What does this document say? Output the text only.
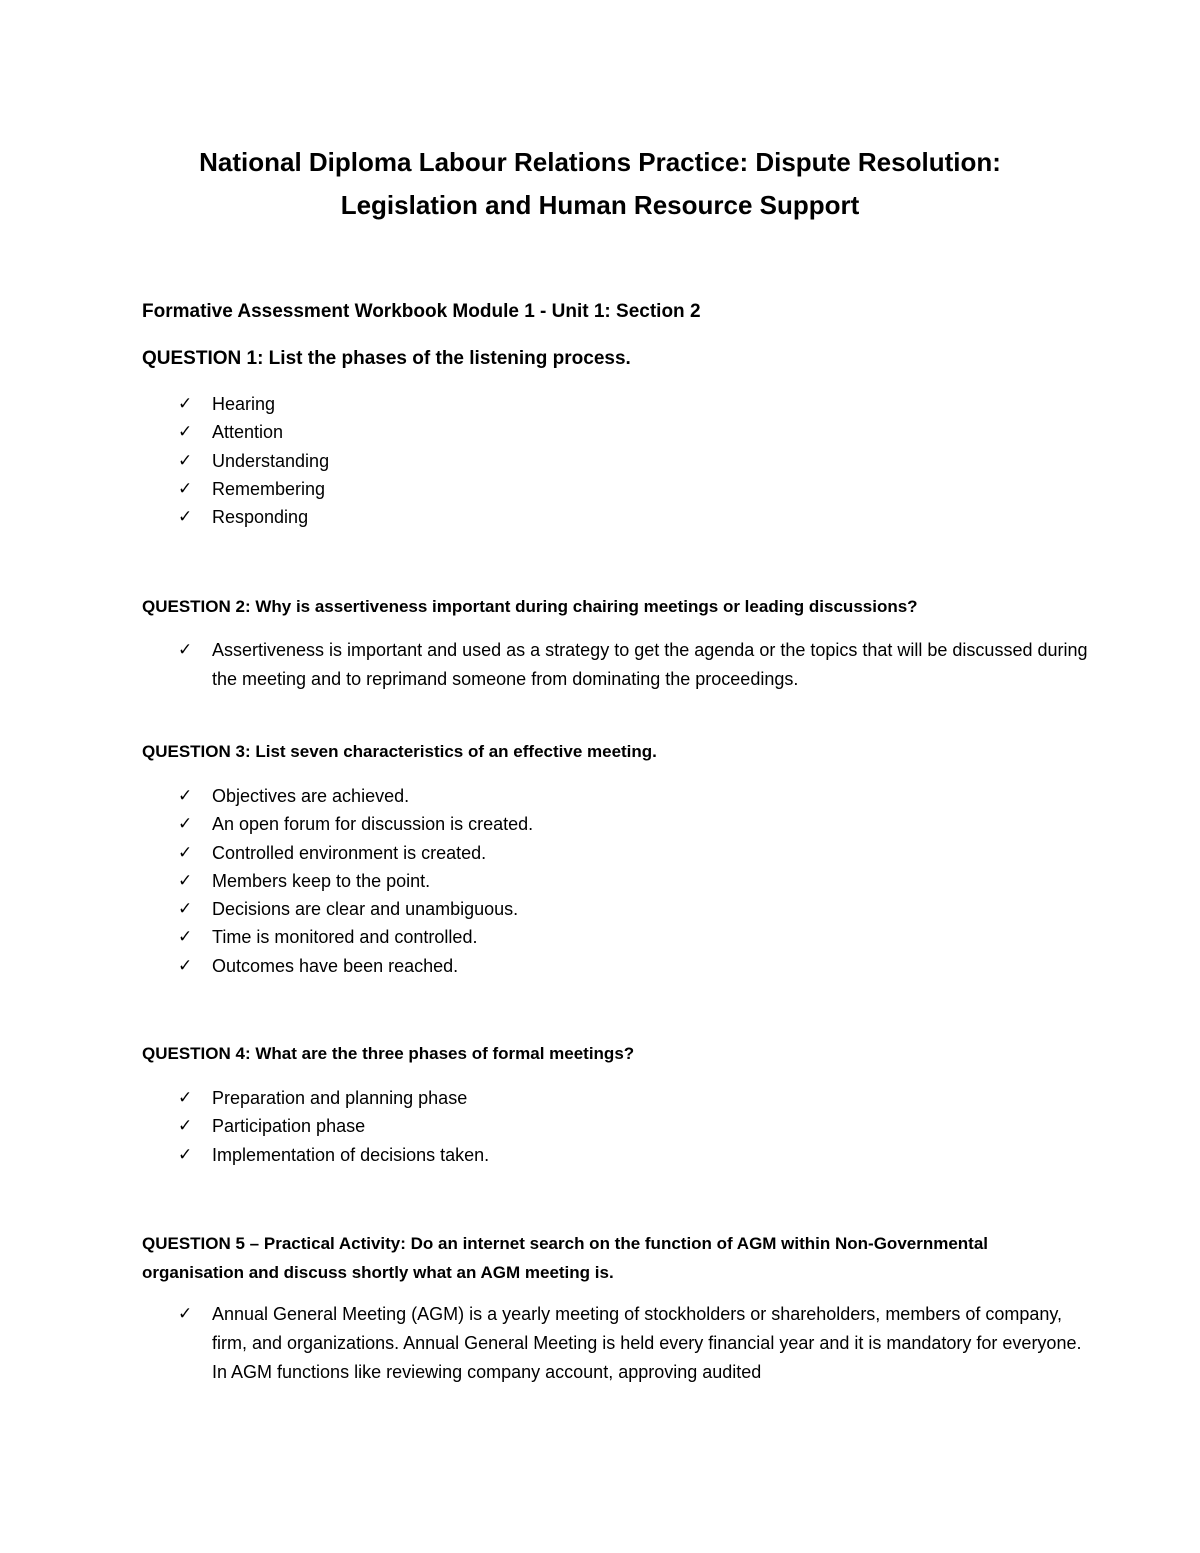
National Diploma Labour Relations Practice: Dispute Resolution:
Legislation and Human Resource Support
Formative Assessment Workbook Module 1 - Unit 1: Section 2
QUESTION 1: List the phases of the listening process.
✓ Hearing
✓ Attention
✓ Understanding
✓ Remembering
✓ Responding
QUESTION 2: Why is assertiveness important during chairing meetings or leading discussions?
✓ Assertiveness is important and used as a strategy to get the agenda or the topics that will be discussed during the meeting and to reprimand someone from dominating the proceedings.
QUESTION 3: List seven characteristics of an effective meeting.
✓ Objectives are achieved.
✓ An open forum for discussion is created.
✓ Controlled environment is created.
✓ Members keep to the point.
✓ Decisions are clear and unambiguous.
✓ Time is monitored and controlled.
✓ Outcomes have been reached.
QUESTION 4: What are the three phases of formal meetings?
✓ Preparation and planning phase
✓ Participation phase
✓ Implementation of decisions taken.
QUESTION 5 – Practical Activity: Do an internet search on the function of AGM within Non-Governmental organisation and discuss shortly what an AGM meeting is.
✓ Annual General Meeting (AGM) is a yearly meeting of stockholders or shareholders, members of company, firm, and organizations. Annual General Meeting is held every financial year and it is mandatory for everyone. In AGM functions like reviewing company account, approving audited
